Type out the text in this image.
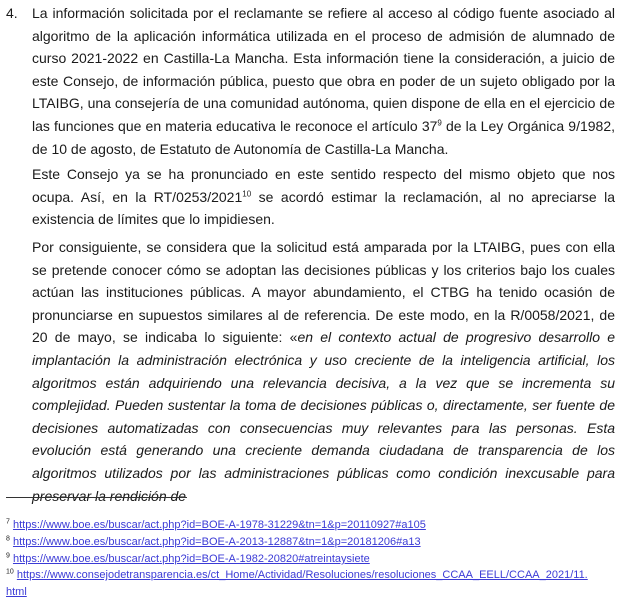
4. La información solicitada por el reclamante se refiere al acceso al código fuente asociado al algoritmo de la aplicación informática utilizada en el proceso de admisión de alumnado de curso 2021-2022 en Castilla-La Mancha. Esta información tiene la consideración, a juicio de este Consejo, de información pública, puesto que obra en poder de un sujeto obligado por la LTAIBG, una consejería de una comunidad autónoma, quien dispone de ella en el ejercicio de las funciones que en materia educativa le reconoce el artículo $37^9$ de la Ley Orgánica 9/1982, de 10 de agosto, de Estatuto de Autonomía de Castilla-La Mancha.
Este Consejo ya se ha pronunciado en este sentido respecto del mismo objeto que nos ocupa. Así, en la RT/0253/2021$^{10}$ se acordó estimar la reclamación, al no apreciarse la existencia de límites que lo impidiesen.
Por consiguiente, se considera que la solicitud está amparada por la LTAIBG, pues con ella se pretende conocer cómo se adoptan las decisiones públicas y los criterios bajo los cuales actúan las instituciones públicas. A mayor abundamiento, el CTBG ha tenido ocasión de pronunciarse en supuestos similares al de referencia. De este modo, en la R/0058/2021, de 20 de mayo, se indicaba lo siguiente: «en el contexto actual de progresivo desarrollo e implantación la administración electrónica y uso creciente de la inteligencia artificial, los algoritmos están adquiriendo una relevancia decisiva, a la vez que se incrementa su complejidad. Pueden sustentar la toma de decisiones públicas o, directamente, ser fuente de decisiones automatizadas con consecuencias muy relevantes para las personas. Esta evolución está generando una creciente demanda ciudadana de transparencia de los algoritmos utilizados por las administraciones públicas como condición inexcusable para preservar la rendición de
$^7$ https://www.boe.es/buscar/act.php?id=BOE-A-1978-31229&tn=1&p=20110927#a105
$^8$ https://www.boe.es/buscar/act.php?id=BOE-A-2013-12887&tn=1&p=20181206#a13
$^9$ https://www.boe.es/buscar/act.php?id=BOE-A-1982-20820#atreintaysiete
$^{10}$ https://www.consejodetransparencia.es/ct_Home/Actividad/Resoluciones/resoluciones_CCAA_EELL/CCAA_2021/11.
html
